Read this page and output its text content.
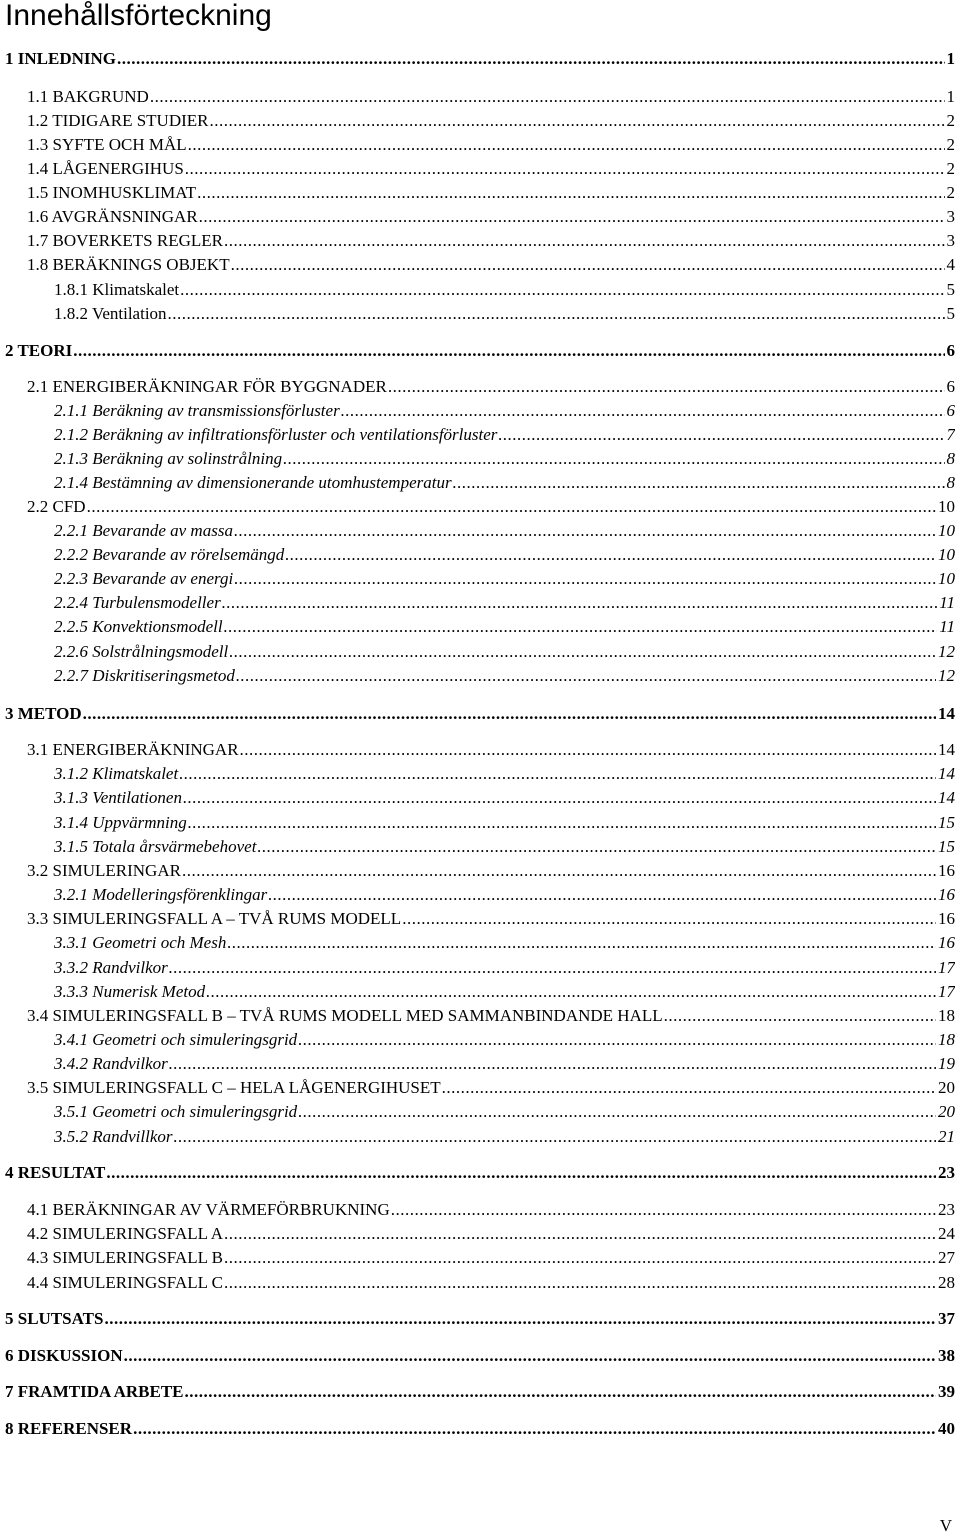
Innehållsförteckning
1 INLEDNING .....	1
1.1 BAKGRUND .....	1
1.2 TIDIGARE STUDIER .....	2
1.3 SYFTE OCH MÅL .....	2
1.4 LÅGENERGIHUS .....	2
1.5 INOMHUSKLIMAT .....	2
1.6 AVGRÄNSNINGAR .....	3
1.7 BOVERKETS REGLER .....	3
1.8 BERÄKNINGS OBJEKT .....	4
1.8.1 Klimatskalet .....	5
1.8.2 Ventilation .....	5
2 TEORI .....	6
2.1 ENERGIBERÄKNINGAR FÖR BYGGNADER .....	6
2.1.1 Beräkning av transmissionsförluster .....	6
2.1.2 Beräkning av infiltrationsförluster och ventilationsförluster .....	7
2.1.3 Beräkning av solinstrålning .....	8
2.1.4 Bestämning av dimensionerande utomhustemperatur .....	8
2.2 CFD .....	10
2.2.1 Bevarande av massa .....	10
2.2.2 Bevarande av rörelsemängd .....	10
2.2.3 Bevarande av energi .....	10
2.2.4 Turbulensmodeller .....	11
2.2.5 Konvektionsmodell .....	11
2.2.6 Solstrålningsmodell .....	12
2.2.7 Diskritiseringsmetod .....	12
3 METOD .....	14
3.1 ENERGIBERÄKNINGAR .....	14
3.1.2 Klimatskalet .....	14
3.1.3 Ventilationen .....	14
3.1.4 Uppvärmning .....	15
3.1.5 Totala årsvärmebehovet .....	15
3.2 SIMULERINGAR .....	16
3.2.1 Modelleringsförenklingar .....	16
3.3 SIMULERINGSFALL A – TVÅ RUMS MODELL .....	16
3.3.1 Geometri och Mesh .....	16
3.3.2 Randvilkor .....	17
3.3.3 Numerisk Metod .....	17
3.4 SIMULERINGSFALL B – TVÅ RUMS MODELL MED SAMMANBINDANDE HALL .....	18
3.4.1 Geometri och simuleringsgrid .....	18
3.4.2 Randvilkor .....	19
3.5 SIMULERINGSFALL C – HELA LÅGENERGIHUSET .....	20
3.5.1 Geometri och simuleringsgrid .....	20
3.5.2 Randvillkor .....	21
4 RESULTAT .....	23
4.1 BERÄKNINGAR AV VÄRMEFÖRBRUKNING .....	23
4.2 SIMULERINGSFALL A .....	24
4.3 SIMULERINGSFALL B .....	27
4.4 SIMULERINGSFALL C .....	28
5 SLUTSATS .....	37
6 DISKUSSION .....	38
7 FRAMTIDA ARBETE .....	39
8 REFERENSER .....	40
V
